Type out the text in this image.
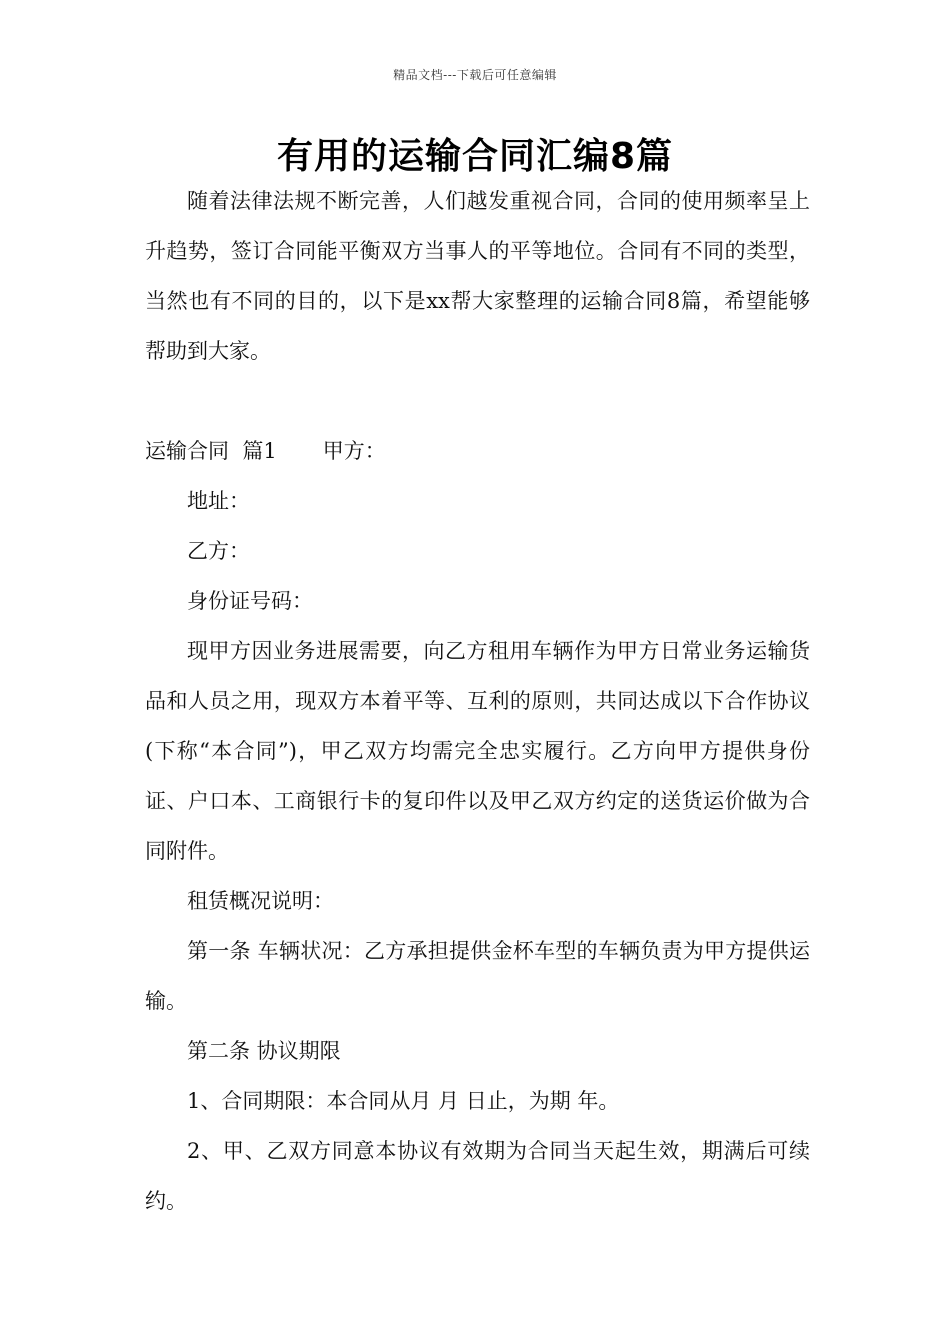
精品文档---下载后可任意编辑
有用的运输合同汇编8篇

随着法律法规不断完善，人们越发重视合同，合同的使用频率呈上升趋势，签订合同能平衡双方当事人的平等地位。合同有不同的类型，当然也有不同的目的，以下是xx帮大家整理的运输合同8篇，希望能够帮助到大家。

运输合同  篇1 甲方：

地址：

乙方：

身份证号码：

现甲方因业务进展需要，向乙方租用车辆作为甲方日常业务运输货品和人员之用，现双方本着平等、互利的原则，共同达成以下合作协议(下称“本合同”)，甲乙双方均需完全忠实履行。乙方向甲方提供身份证、户口本、工商银行卡的复印件以及甲乙双方约定的送货运价做为合同附件。

租赁概况说明：

第一条 车辆状况：乙方承担提供金杯车型的车辆负责为甲方提供运输。

第二条 协议期限

1、合同期限：本合同从月 月 日止，为期 年。

2、甲、乙双方同意本协议有效期为合同当天起生效，期满后可续约。
